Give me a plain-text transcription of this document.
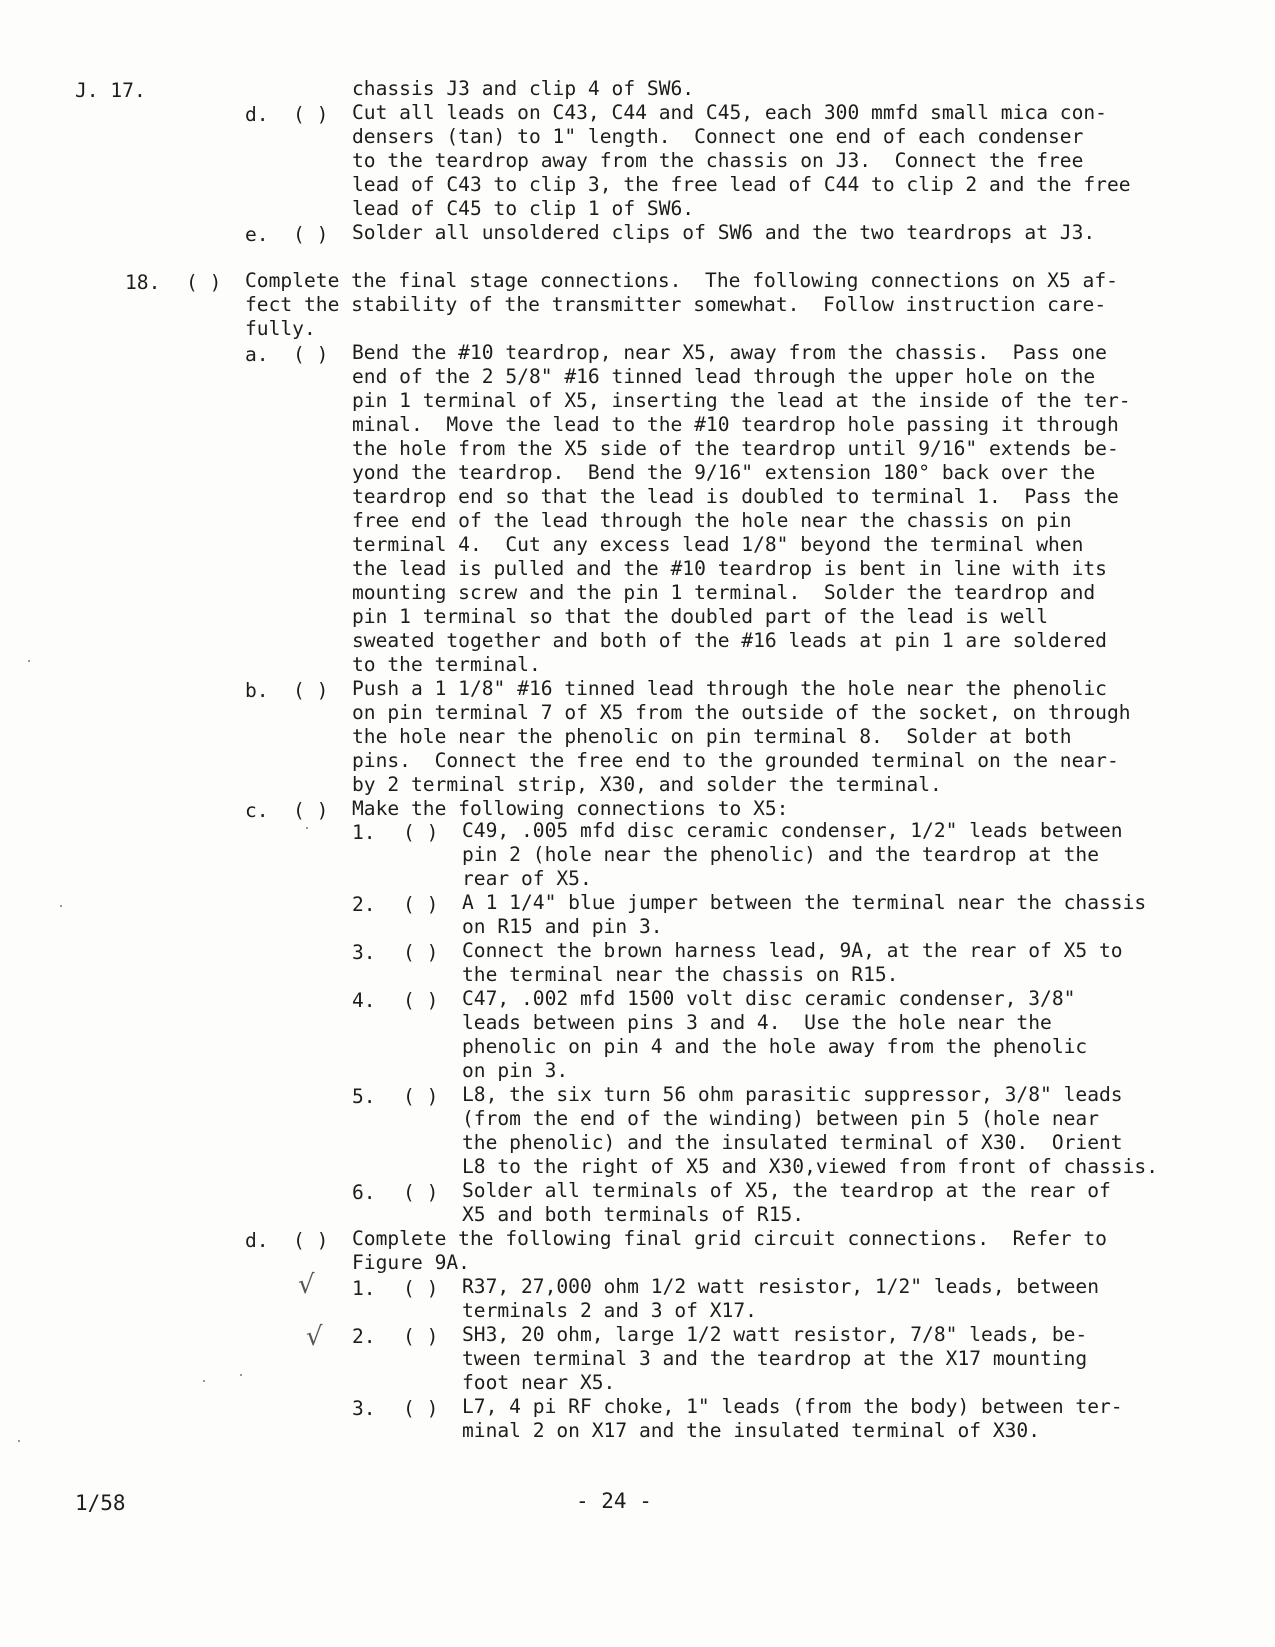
J. 17.	chassis J3 and clip 4 of SW6.
d. ( ) Cut all leads on C43, C44 and C45, each 300 mmfd small mica con-
densers (tan) to 1" length.  Connect one end of each condenser
to the teardrop away from the chassis on J3.  Connect the free
lead of C43 to clip 3, the free lead of C44 to clip 2 and the free
lead of C45 to clip 1 of SW6.
e. ( ) Solder all unsoldered clips of SW6 and the two teardrops at J3.
18. ( ) Complete the final stage connections.  The following connections on X5 af-
fect the stability of the transmitter somewhat.  Follow instruction care-
fully.
a. ( ) Bend the #10 teardrop, near X5, away from the chassis.  Pass one
end of the 2 5/8" #16 tinned lead through the upper hole on the
pin 1 terminal of X5, inserting the lead at the inside of the ter-
minal.  Move the lead to the #10 teardrop hole passing it through
the hole from the X5 side of the teardrop until 9/16" extends be-
yond the teardrop.  Bend the 9/16" extension 180° back over the
teardrop end so that the lead is doubled to terminal 1.  Pass the
free end of the lead through the hole near the chassis on pin
terminal 4.  Cut any excess lead 1/8" beyond the terminal when
the lead is pulled and the #10 teardrop is bent in line with its
mounting screw and the pin 1 terminal.  Solder the teardrop and
pin 1 terminal so that the doubled part of the lead is well
sweated together and both of the #16 leads at pin 1 are soldered
to the terminal.
b. ( ) Push a 1 1/8" #16 tinned lead through the hole near the phenolic
on pin terminal 7 of X5 from the outside of the socket, on through
the hole near the phenolic on pin terminal 8.  Solder at both
pins.  Connect the free end to the grounded terminal on the near-
by 2 terminal strip, X30, and solder the terminal.
c. ( ) Make the following connections to X5:
1. ( ) C49, .005 mfd disc ceramic condenser, 1/2" leads between
pin 2 (hole near the phenolic) and the teardrop at the
rear of X5.
2. ( ) A 1 1/4" blue jumper between the terminal near the chassis
on R15 and pin 3.
3. ( ) Connect the brown harness lead, 9A, at the rear of X5 to
the terminal near the chassis on R15.
4. ( ) C47, .002 mfd 1500 volt disc ceramic condenser, 3/8"
leads between pins 3 and 4.  Use the hole near the
phenolic on pin 4 and the hole away from the phenolic
on pin 3.
5. ( ) L8, the six turn 56 ohm parasitic suppressor, 3/8" leads
(from the end of the winding) between pin 5 (hole near
the phenolic) and the insulated terminal of X30.  Orient
L8 to the right of X5 and X30,viewed from front of chassis.
6. ( ) Solder all terminals of X5, the teardrop at the rear of
X5 and both terminals of R15.
d. ( ) Complete the following final grid circuit connections.  Refer to
Figure 9A.
1. ( ) R37, 27,000 ohm 1/2 watt resistor, 1/2" leads, between
terminals 2 and 3 of X17.
2. ( ) SH3, 20 ohm, large 1/2 watt resistor, 7/8" leads, be-
tween terminal 3 and the teardrop at the X17 mounting
foot near X5.
3. ( ) L7, 4 pi RF choke, 1" leads (from the body) between ter-
minal 2 on X17 and the insulated terminal of X30.
√
√
1/58	- 24 -
